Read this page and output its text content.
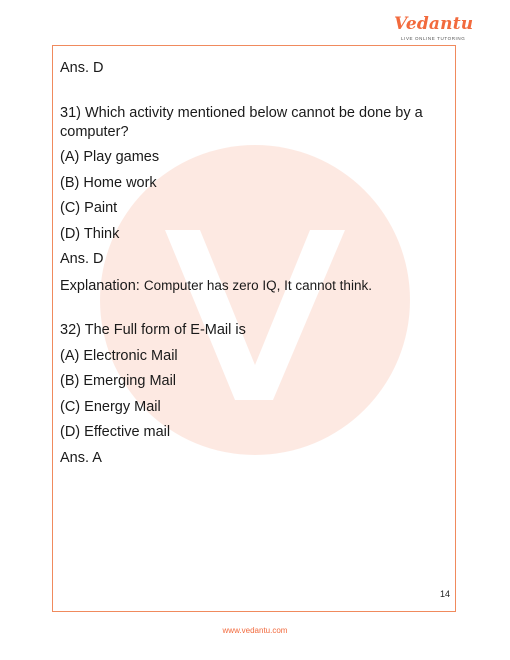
Vedantu
LIVE ONLINE TUTORING

Ans. D

31) Which activity mentioned below cannot be done by a computer?

(A) Play games

(B) Home work

(C) Paint

(D) Think

Ans. D

Explanation: Computer has zero IQ, It cannot think.

32) The Full form of E-Mail is

(A) Electronic Mail

(B) Emerging Mail

(C) Energy Mail

(D) Effective mail

Ans. A

14
www.vedantu.com
